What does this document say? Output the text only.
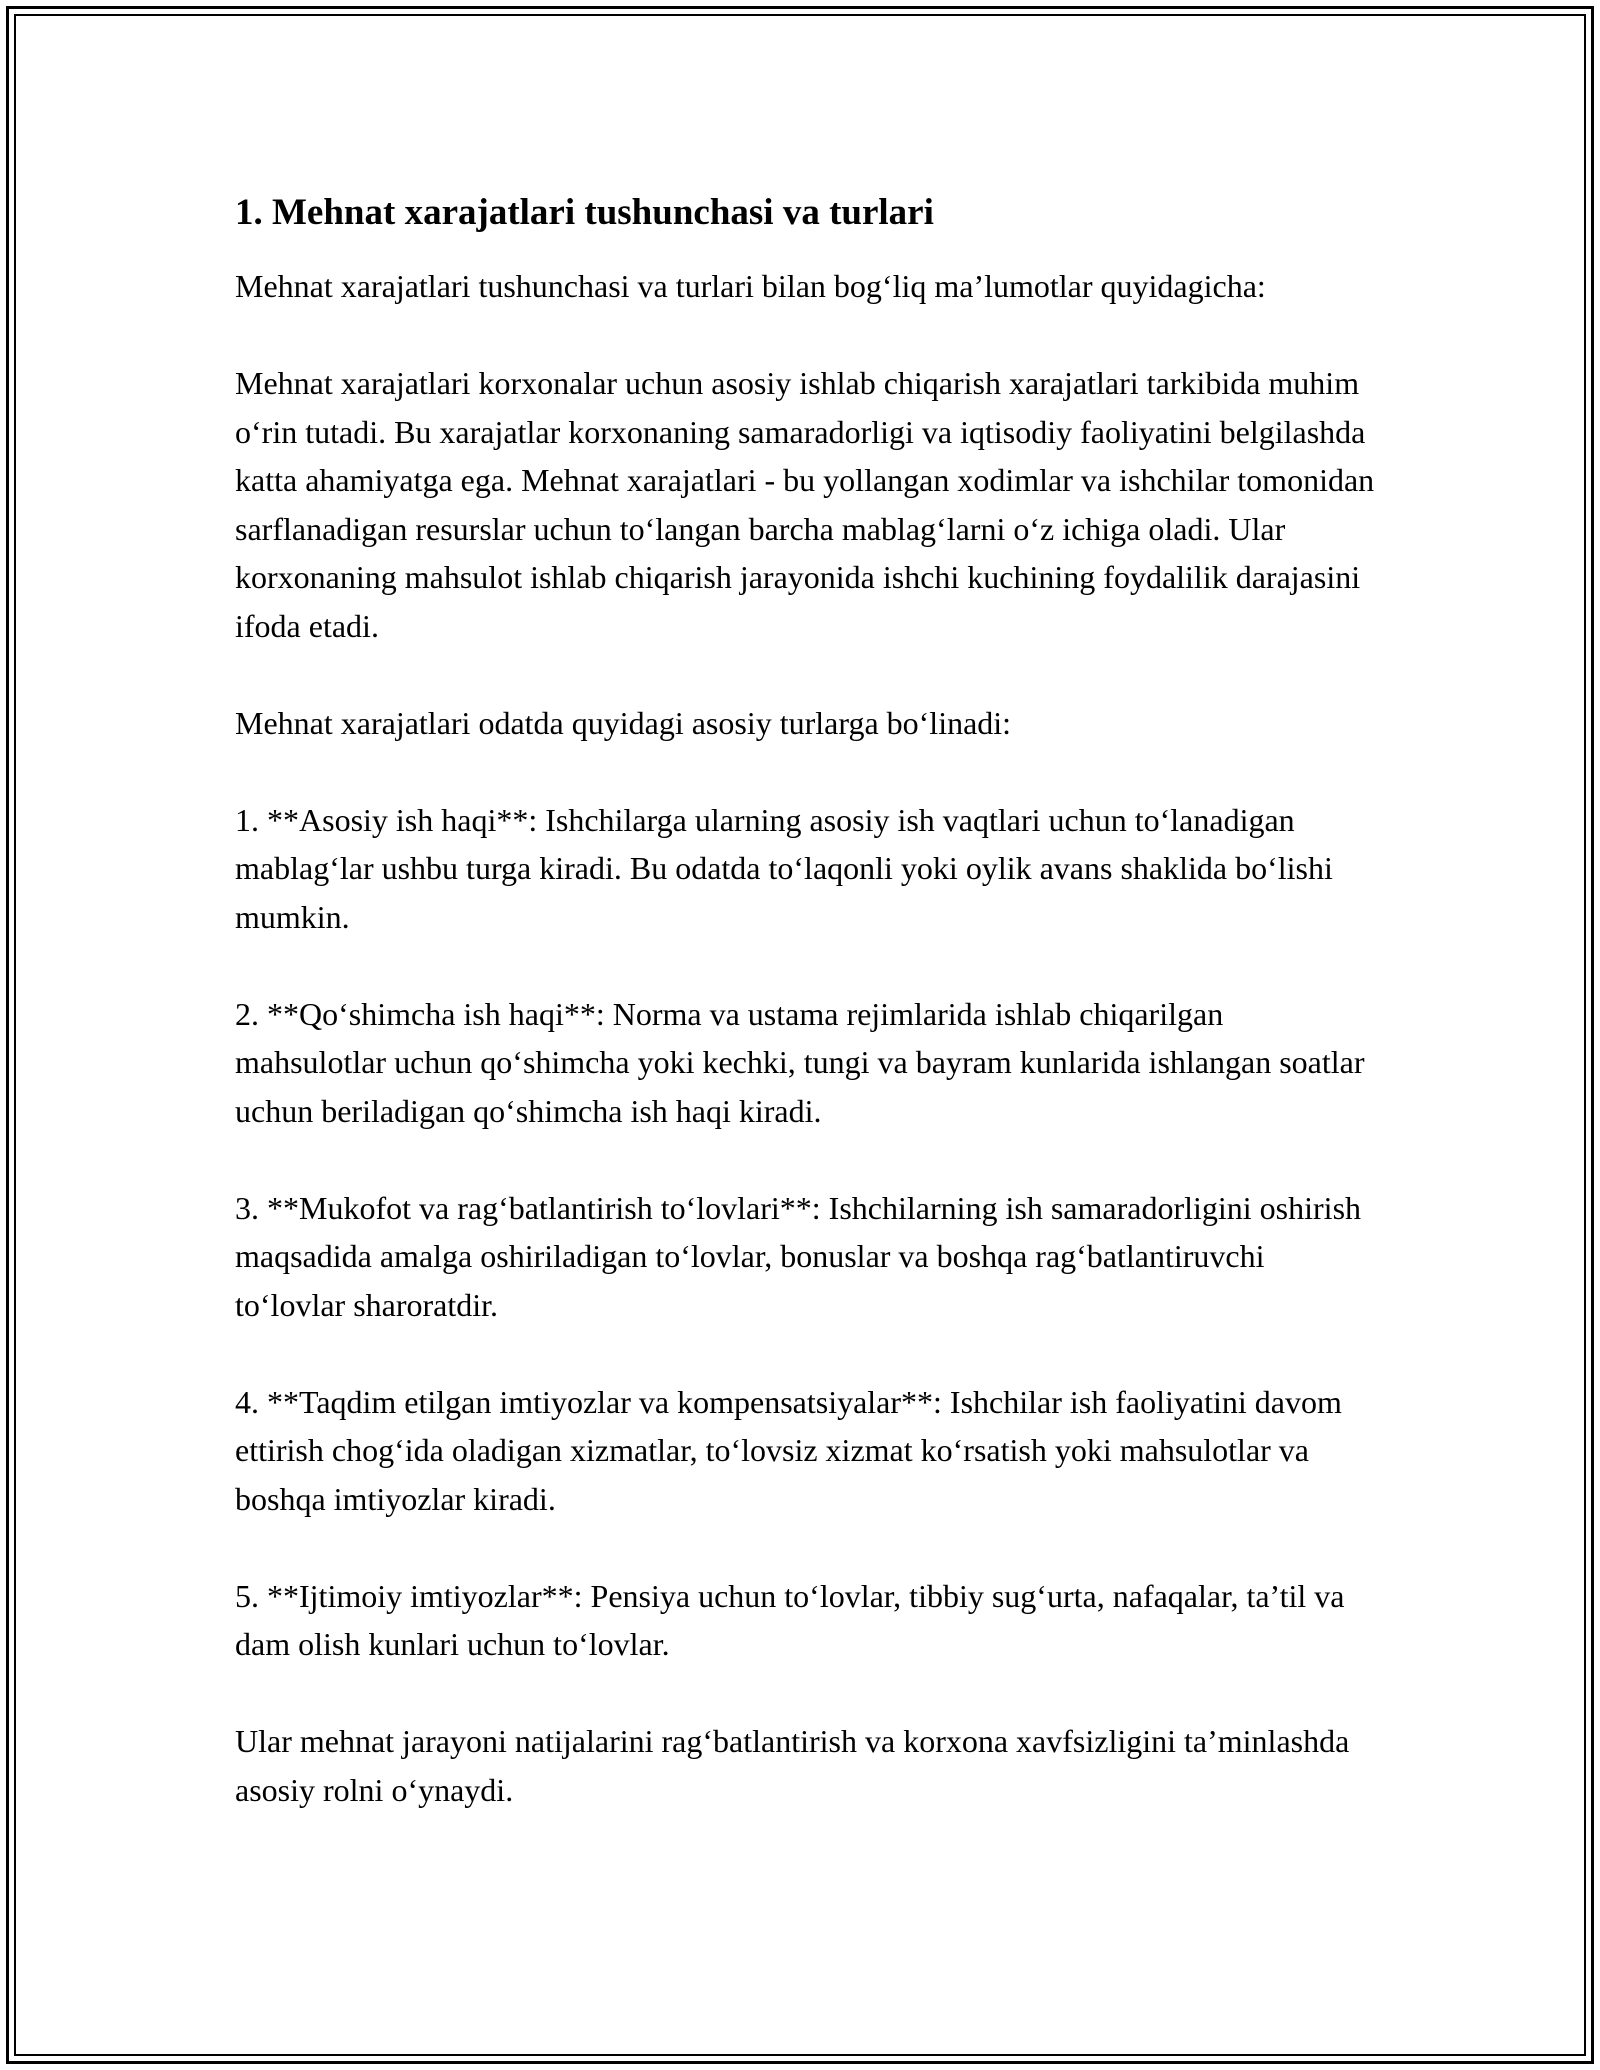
1. Mehnat xarajatlari tushunchasi va turlari

Mehnat xarajatlari tushunchasi va turlari bilan bog‘liq ma’lumotlar quyidagicha:

Mehnat xarajatlari korxonalar uchun asosiy ishlab chiqarish xarajatlari tarkibida muhim o‘rin tutadi. Bu xarajatlar korxonaning samaradorligi va iqtisodiy faoliyatini belgilashda katta ahamiyatga ega. Mehnat xarajatlari - bu yollangan xodimlar va ishchilar tomonidan sarflanadigan resurslar uchun to‘langan barcha mablag‘larni o‘z ichiga oladi. Ular korxonaning mahsulot ishlab chiqarish jarayonida ishchi kuchining foydalilik darajasini ifoda etadi.

Mehnat xarajatlari odatda quyidagi asosiy turlarga bo‘linadi:

1. **Asosiy ish haqi**: Ishchilarga ularning asosiy ish vaqtlari uchun to‘lanadigan mablag‘lar ushbu turga kiradi. Bu odatda to‘laqonli yoki oylik avans shaklida bo‘lishi mumkin.

2. **Qo‘shimcha ish haqi**: Norma va ustama rejimlarida ishlab chiqarilgan mahsulotlar uchun qo‘shimcha yoki kechki, tungi va bayram kunlarida ishlangan soatlar uchun beriladigan qo‘shimcha ish haqi kiradi.

3. **Mukofot va rag‘batlantirish to‘lovlari**: Ishchilarning ish samaradorligini oshirish maqsadida amalga oshiriladigan to‘lovlar, bonuslar va boshqa rag‘batlantiruvchi to‘lovlar sharoratdir.

4. **Taqdim etilgan imtiyozlar va kompensatsiyalar**: Ishchilar ish faoliyatini davom ettirish chog‘ida oladigan xizmatlar, to‘lovsiz xizmat ko‘rsatish yoki mahsulotlar va boshqa imtiyozlar kiradi.

5. **Ijtimoiy imtiyozlar**: Pensiya uchun to‘lovlar, tibbiy sug‘urta, nafaqalar, ta’til va dam olish kunlari uchun to‘lovlar.

Ular mehnat jarayoni natijalarini rag‘batlantirish va korxona xavfsizligini ta’minlashda asosiy rolni o‘ynaydi.
